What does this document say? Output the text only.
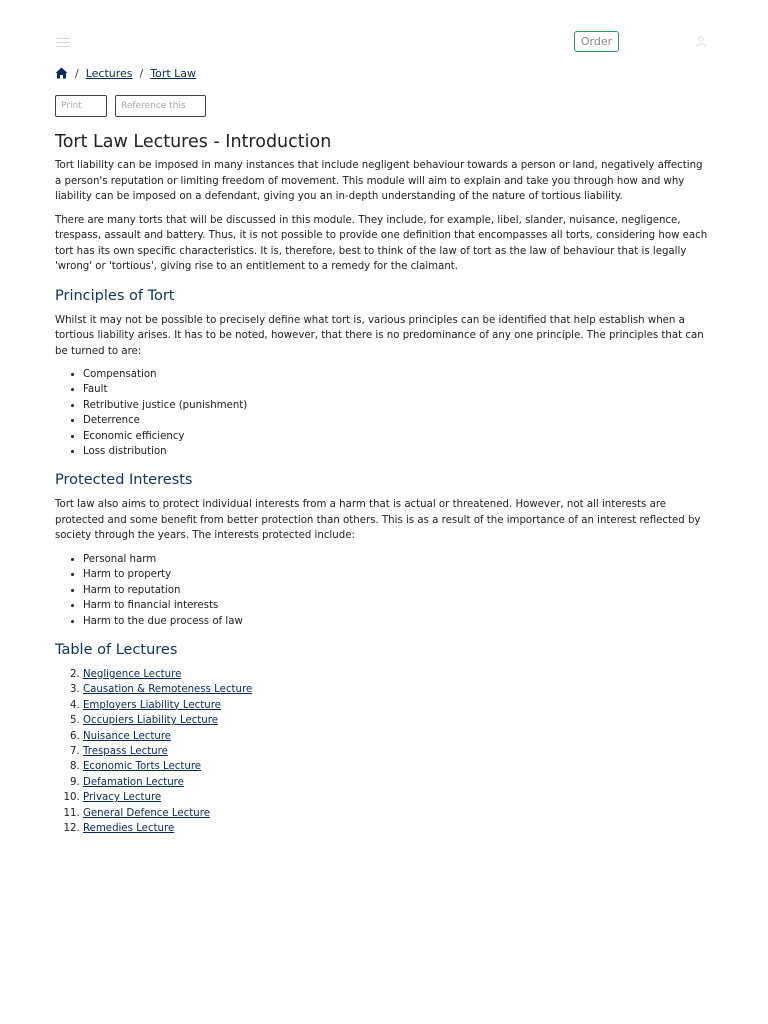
Order
/ Lectures / Tort Law
Print
Reference this
Tort Law Lectures - Introduction

Tort liability can be imposed in many instances that include negligent behaviour towards a person or land, negatively affecting a person's reputation or limiting freedom of movement. This module will aim to explain and take you through how and why liability can be imposed on a defendant, giving you an in-depth understanding of the nature of tortious liability.

There are many torts that will be discussed in this module. They include, for example, libel, slander, nuisance, negligence, trespass, assault and battery. Thus, it is not possible to provide one definition that encompasses all torts, considering how each tort has its own specific characteristics. It is, therefore, best to think of the law of tort as the law of behaviour that is legally 'wrong' or 'tortious', giving rise to an entitlement to a remedy for the claimant.

Principles of Tort

Whilst it may not be possible to precisely define what tort is, various principles can be identified that help establish when a tortious liability arises. It has to be noted, however, that there is no predominance of any one principle. The principles that can be turned to are:

• Compensation
• Fault
• Retributive justice (punishment)
• Deterrence
• Economic efficiency
• Loss distribution
Protected Interests

Tort law also aims to protect individual interests from a harm that is actual or threatened. However, not all interests are protected and some benefit from better protection than others. This is as a result of the importance of an interest reflected by society through the years. The interests protected include:

• Personal harm
• Harm to property
• Harm to reputation
• Harm to financial interests
• Harm to the due process of law
Table of Lectures
2. Negligence Lecture
3. Causation & Remoteness Lecture
4. Employers Liability Lecture
5. Occupiers Liability Lecture
6. Nuisance Lecture
7. Trespass Lecture
8. Economic Torts Lecture
9. Defamation Lecture
10. Privacy Lecture
11. General Defence Lecture
12. Remedies Lecture
